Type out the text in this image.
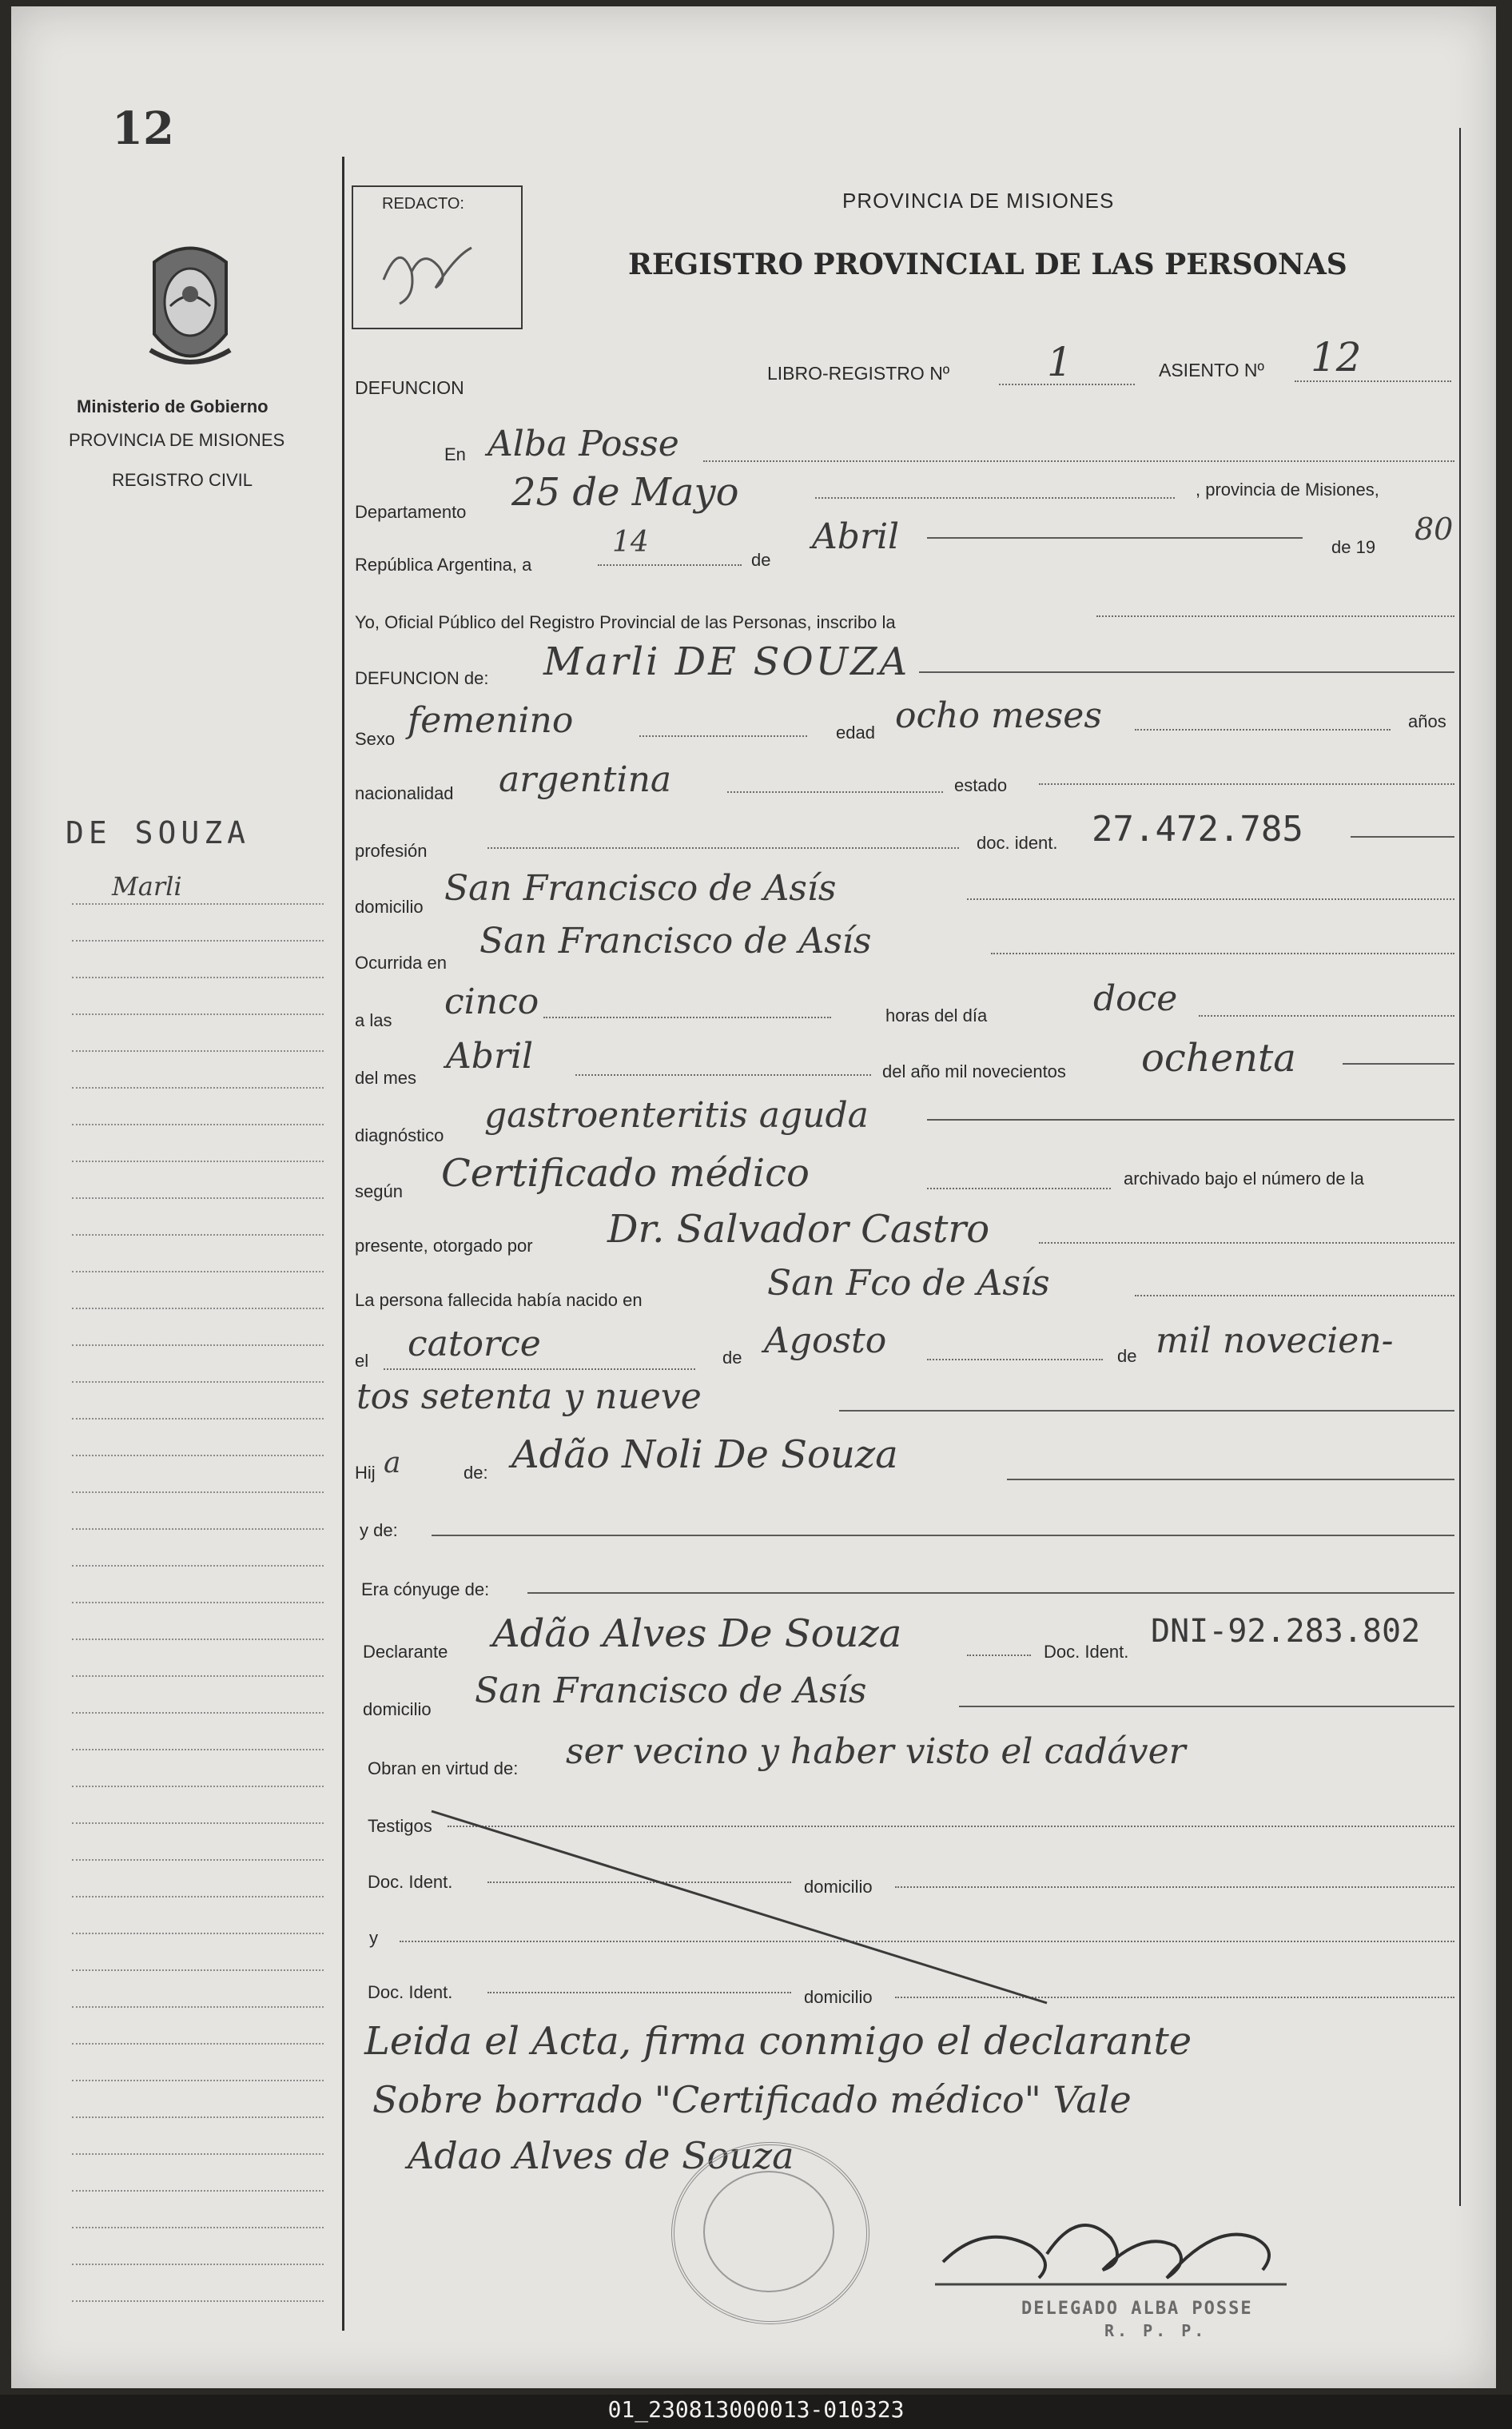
12
Ministerio de Gobierno
PROVINCIA DE MISIONES
REGISTRO CIVIL
DE SOUZA
Marli
REDACTO:	PROVINCIA DE MISIONES
REGISTRO PROVINCIAL DE LAS PERSONAS
DEFUNCION
LIBRO-REGISTRO Nº 1	ASIENTO Nº 12
En Alba Posse
Departamento 25 de Mayo	, provincia de Misiones,
República Argentina, a
14
de
Abril	de 19
80
Yo, Oficial Público del Registro Provincial de las Personas, inscribo la
DEFUNCION de: Marli DE SOUZA
Sexo femenino	edad ocho meses	años
nacionalidad argentina	estado
profesión	doc. ident. 27.472.785
domicilio San Francisco de Asís
Ocurrida en
San Francisco de Asís
a las cinco	horas del día	doce
del mes
Abril	del año mil novecientos ochenta
diagnóstico gastroenteritis aguda
según Certificado médico	archivado bajo el número de la
presente, otorgado por Dr. Salvador Castro
La persona fallecida había nacido en	San Fco de Asís
el catorce	de Agosto	de mil novecien-
tos setenta y nueve
Hij a	de: Adão Noli De Souza
y de:
Era cónyuge de:
Declarante Adão Alves De Souza	Doc. Ident.
DNI-92.283.802
domicilio San Francisco de Asís
Obran en virtud de: ser vecino y haber visto el cadáver
Testigos
Doc. Ident.	domicilio
y
Doc. Ident.	domicilio
Leida el Acta, firma conmigo el declarante
Sobre borrado "Certificado médico" Vale
Adao Alves de Souza
DELEGADO ALBA POSSE
R. P. P.
01_230813000013-010323
